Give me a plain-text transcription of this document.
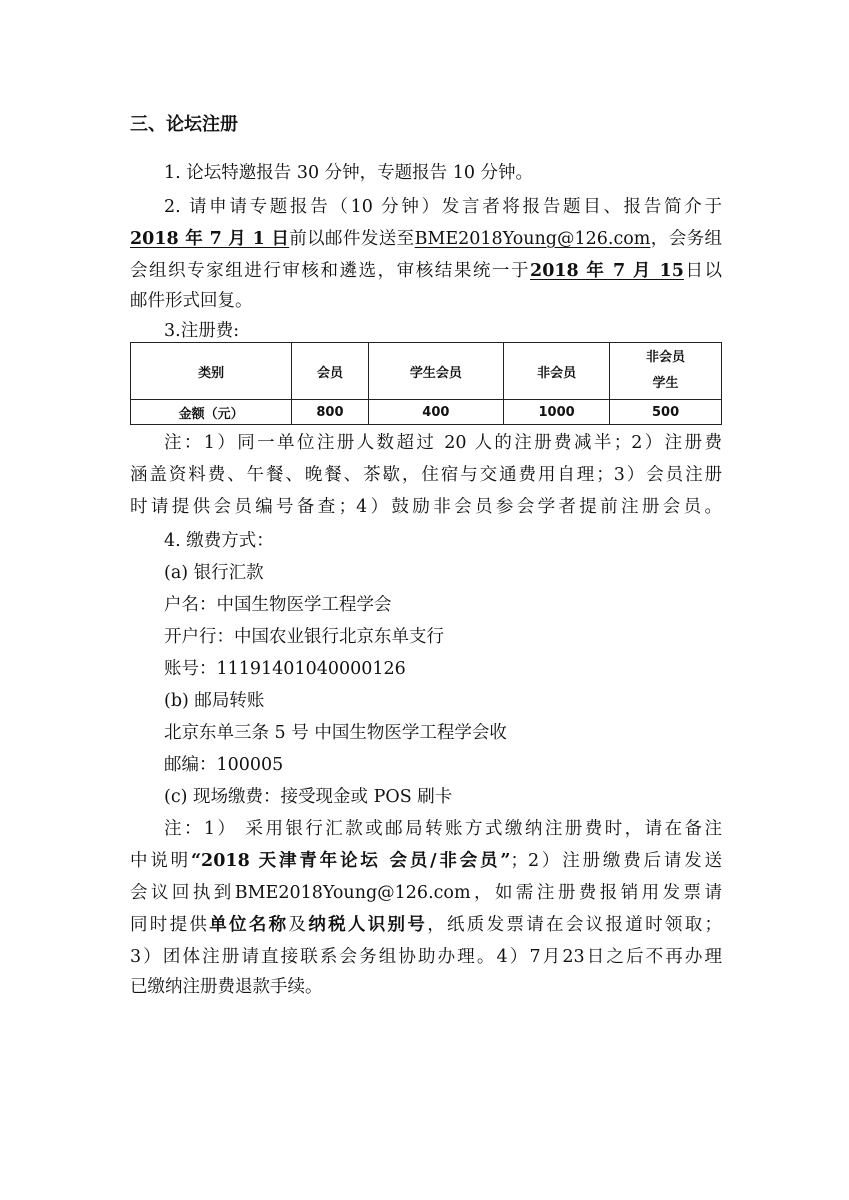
三、论坛注册
1. 论坛特邀报告 30 分钟，专题报告 10 分钟。
2. 请申请专题报告（10 分钟）发言者将报告题目、报告简介于
2018 年 7 月 1 日前以邮件发送至BME2018Young@126.com，会务组
会组织专家组进行审核和遴选，审核结果统一于2018 年 7 月 15日以
邮件形式回复。
3.注册费:
类别	会员	学生会员	非会员	非会员
学生

金额（元）	800	400	1000	500
注：1）同一单位注册人数超过 20 人的注册费减半；2）注册费
涵盖资料费、午餐、晚餐、茶歇，住宿与交通费用自理；3）会员注册
时请提供会员编号备查；4）鼓励非会员参会学者提前注册会员。
4. 缴费方式：
(a) 银行汇款
户名：中国生物医学工程学会
开户行：中国农业银行北京东单支行
账号：11191401040000126
(b) 邮局转账
北京东单三条 5 号 中国生物医学工程学会收
邮编：100005
(c) 现场缴费：接受现金或 POS 刷卡
注：1） 采用银行汇款或邮局转账方式缴纳注册费时，请在备注
中说明“2018 天津青年论坛 会员/非会员”；2）注册缴费后请发送
会议回执到BME2018Young@126.com，如需注册费报销用发票请
同时提供单位名称及纳税人识别号，纸质发票请在会议报道时领取；
3）团体注册请直接联系会务组协助办理。4）7月23日之后不再办理
已缴纳注册费退款手续。
